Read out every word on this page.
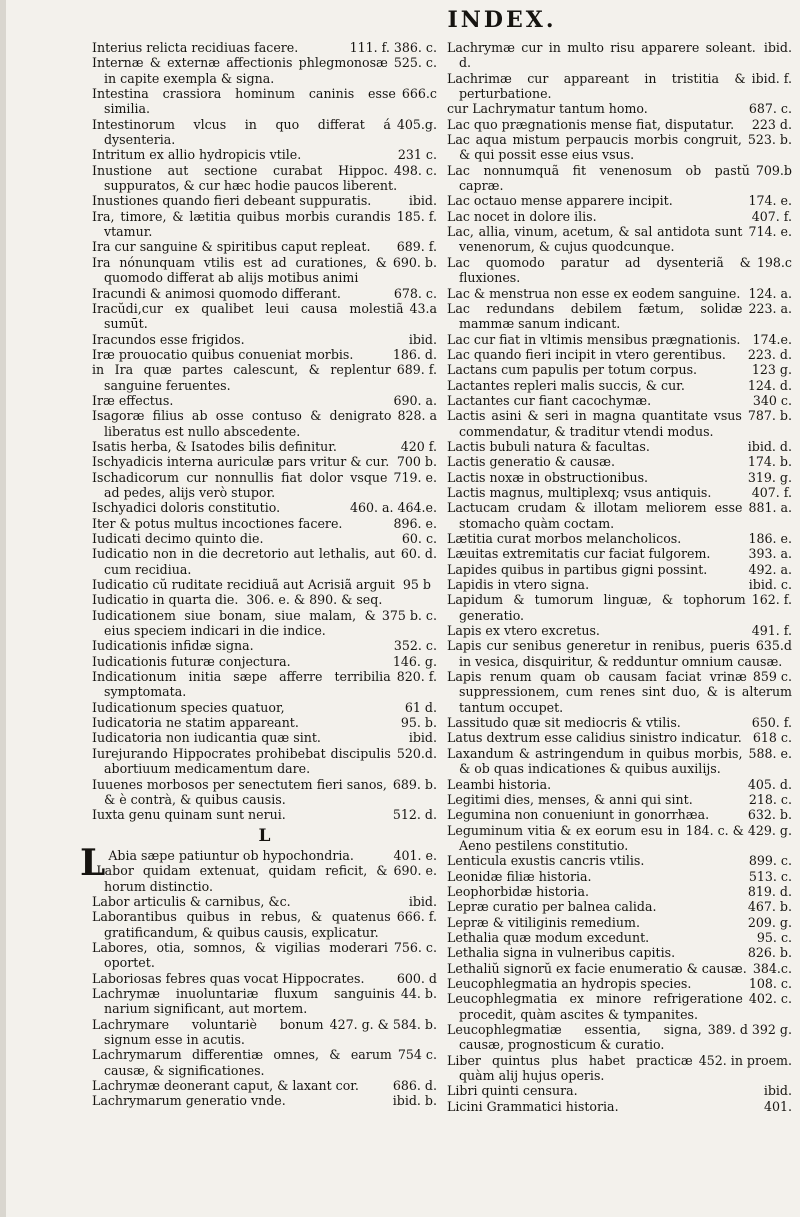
INDEX.
111. f. 386. c.
Interius relicta recidiuas facere.
525. c.
Internæ & externæ affectionis phlegmonosæ in capite exempla & signa.
666.c
Intestina crassiora hominum caninis esse similia.
405.g.
Intestinorum vlcus in quo differat á dysenteria.
231 c.
Intritum ex allio hydropicis vtile.
498. c.
Inustione aut sectione curabat Hippoc. suppuratos, & cur hæc hodie paucos liberent.
ibid.
Inustiones quando fieri debeant suppuratis.
185. f.
Ira, timore, & lætitia quibus morbis curandis vtamur.
689. f.
Ira cur sanguine & spiritibus caput repleat.
690. b.
Ira nónunquam vtilis est ad curationes, & quomodo differat ab alijs motibus animi
678. c.
Iracundi & animosi quomodo differant.
43.a
Iracŭdi,cur ex qualibet leui causa molestiã sumūt.
ibid.
Iracundos esse frigidos.
186. d.
Iræ prouocatio quibus conueniat morbis.
689. f.
in Ira quæ partes calescunt, & replentur sanguine feruentes.
690. a.
Iræ effectus.
828. a
Isagoræ filius ab osse contuso & denigrato liberatus est nullo abscedente.
420 f.
Isatis herba, & Isatodes bilis definitur.
700 b.
Ischyadicis interna auriculæ pars vritur & cur.
719. e.
Ischadicorum cur nonnullis fiat dolor vsque ad pedes, alijs verò stupor.
460. a. 464.e.
Ischyadici doloris constitutio.
896. e.
Iter & potus multus incoctiones facere.
60. c.
Iudicati decimo quinto die.
60. d.
Iudicatio non in die decretorio aut lethalis, aut cum recidiua.
Iudicatio cŭ ruditate recidiuã aut Acrisiã arguit 95 b
Iudicatio in quarta die. 306. e. & 890. & seq.
375 b. c.
Iudicationem siue bonam, siue malam, & eius speciem indicari in die indice.
352. c.
Iudicationis infidæ signa.
146. g.
Iudicationis futuræ conjectura.
820. f.
Indicationum initia sæpe afferre terribilia symptomata.
61 d.
Iudicationum species quatuor,
95. b.
Iudicatoria ne statim appareant.
ibid.
Iudicatoria non iudicantia quæ sint.
520.d.
Iurejurando Hippocrates prohibebat discipulis abortiuum medicamentum dare.
689. b.
Iuuenes morbosos per senectutem fieri sanos, & è contrà, & quibus causis.
512. d.
Iuxta genu quinam sunt nerui.
L
L	401. e.
Abia sæpe patiuntur ob hypochondria.
690. e.
Labor quidam extenuat, quidam reficit, & horum distinctio.
ibid.
Labor articulis & carnibus, &c.
666. f.
Laborantibus quibus in rebus, & quatenus gratificandum, & quibus causis, explicatur.
756. c.
Labores, otia, somnos, & vigilias moderari oportet.
600. d
Laboriosas febres quas vocat Hippocrates.
44. b.
Lachrymæ inuoluntariæ fluxum sanguinis narium significant, aut mortem.
427. g. & 584. b.
Lachrymare voluntariè bonum signum esse in acutis.
754 c.
Lachrymarum differentiæ omnes, & earum causæ, & significationes.
686. d.
Lachrymæ deonerant caput, & laxant cor.
ibid. b.
Lachrymarum generatio vnde.
Lachrymæ cur in multo risu apparere soleant. ibid. d.
ibid. f.
Lachrimæ cur appareant in tristitia & perturbatione.
687. c.
cur Lachrymatur tantum homo.
223 d.
Lac quo prægnationis mense fiat, disputatur.
523. b.
Lac aqua mistum perpaucis morbis congruit, & qui possit esse eius vsus.
709.b
Lac nonnumquã fit venenosum ob pastŭ capræ.
174. e.
Lac octauo mense apparere incipit.
407. f.
Lac nocet in dolore ilis.
714. e.
Lac, allia, vinum, acetum, & sal antidota sunt venenorum, & cujus quodcunque.
198.c
Lac quomodo paratur ad dysenteriã & fluxiones.
124. a.
Lac & menstrua non esse ex eodem sanguine.
223. a.
Lac redundans debilem fætum, solidæ mammæ sanum indicant.
174.e.
Lac cur fiat in vltimis mensibus prægnationis.
223. d.
Lac quando fieri incipit in vtero gerentibus.
123 g.
Lactans cum papulis per totum corpus.
124. d.
Lactantes repleri malis succis, & cur.
340 c.
Lactantes cur fiant cacochymæ.
787. b.
Lactis asini & seri in magna quantitate vsus commendatur, & traditur vtendi modus.
ibid. d.
Lactis bubuli natura & facultas.
174. b.
Lactis generatio & causæ.
319. g.
Lactis noxæ in obstructionibus.
407. f.
Lactis magnus, multiplexq; vsus antiquis.
881. a.
Lactucam crudam & illotam meliorem esse stomacho quàm coctam.
186. e.
Lætitia curat morbos melancholicos.
393. a.
Læuitas extremitatis cur faciat fulgorem.
492. a.
Lapides quibus in partibus gigni possint.
ibid. c.
Lapidis in vtero signa.
162. f.
Lapidum & tumorum linguæ, & tophorum generatio.
491. f.
Lapis ex vtero excretus.
635.d
Lapis cur senibus generetur in renibus, pueris in vesica, disquiritur, & redduntur omnium causæ.
859 c.
Lapis renum quam ob causam faciat vrinæ suppressionem, cum renes sint duo, & is alterum tantum occupet.
650. f.
Lassitudo quæ sit mediocris & vtilis.
618 c.
Latus dextrum esse calidius sinistro indicatur.
588. e.
Laxandum & astringendum in quibus morbis, & ob quas indicationes & quibus auxilijs.
405. d.
Leambi historia.
218. c.
Legitimi dies, menses, & anni qui sint.
632. b.
Legumina non conueniunt in gonorrhæa.
184. c. & 429. g.
Leguminum vitia & ex eorum esu in Aeno pestilens constitutio.
899. c.
Lenticula exustis cancris vtilis.
513. c.
Leonidæ filiæ historia.
819. d.
Leophorbidæ historia.
467. b.
Lepræ curatio per balnea calida.
209. g.
Lepræ & vitiliginis remedium.
95. c.
Lethalia quæ modum excedunt.
826. b.
Lethalia signa in vulneribus capitis.
384.c.
Lethaliŭ signorŭ ex facie enumeratio & causæ.
108. c.
Leucophlegmatia an hydropis species.
402. c.
Leucophlegmatia ex minore refrigeratione procedit, quàm ascites & tympanites.
389. d 392 g.
Leucophlegmatiæ essentia, signa, causæ, prognosticum & curatio.
452. in proem.
Liber quintus plus habet practicæ quàm alij hujus operis.
ibid.
Libri quinti censura.
401.
Licini Grammatici historia.
